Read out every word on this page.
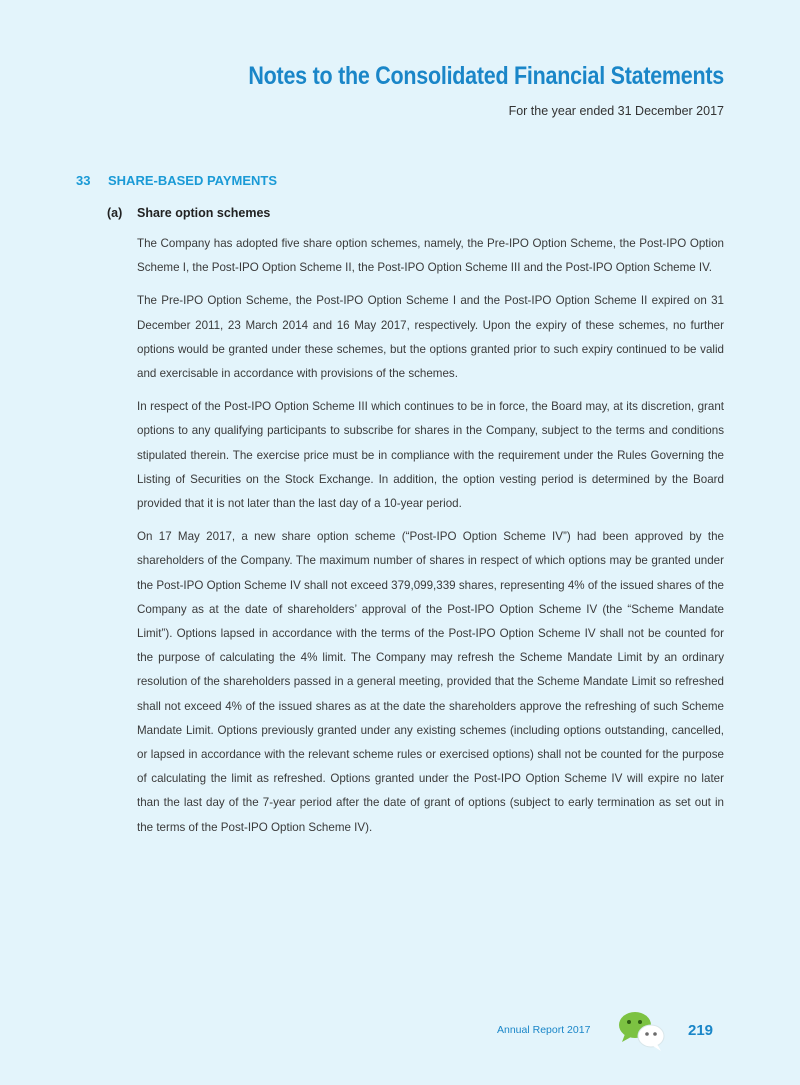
Notes to the Consolidated Financial Statements
For the year ended 31 December 2017
33 SHARE-BASED PAYMENTS
(a) Share option schemes

The Company has adopted five share option schemes, namely, the Pre-IPO Option Scheme, the Post-IPO Option Scheme I, the Post-IPO Option Scheme II, the Post-IPO Option Scheme III and the Post-IPO Option Scheme IV.

The Pre-IPO Option Scheme, the Post-IPO Option Scheme I and the Post-IPO Option Scheme II expired on 31 December 2011, 23 March 2014 and 16 May 2017, respectively. Upon the expiry of these schemes, no further options would be granted under these schemes, but the options granted prior to such expiry continued to be valid and exercisable in accordance with provisions of the schemes.

In respect of the Post-IPO Option Scheme III which continues to be in force, the Board may, at its discretion, grant options to any qualifying participants to subscribe for shares in the Company, subject to the terms and conditions stipulated therein. The exercise price must be in compliance with the requirement under the Rules Governing the Listing of Securities on the Stock Exchange. In addition, the option vesting period is determined by the Board provided that it is not later than the last day of a 10-year period.

On 17 May 2017, a new share option scheme (“Post-IPO Option Scheme IV”) had been approved by the shareholders of the Company. The maximum number of shares in respect of which options may be granted under the Post-IPO Option Scheme IV shall not exceed 379,099,339 shares, representing 4% of the issued shares of the Company as at the date of shareholders’ approval of the Post-IPO Option Scheme IV (the “Scheme Mandate Limit”). Options lapsed in accordance with the terms of the Post-IPO Option Scheme IV shall not be counted for the purpose of calculating the 4% limit. The Company may refresh the Scheme Mandate Limit by an ordinary resolution of the shareholders passed in a general meeting, provided that the Scheme Mandate Limit so refreshed shall not exceed 4% of the issued shares as at the date the shareholders approve the refreshing of such Scheme Mandate Limit. Options previously granted under any existing schemes (including options outstanding, cancelled, or lapsed in accordance with the relevant scheme rules or exercised options) shall not be counted for the purpose of calculating the limit as refreshed. Options granted under the Post-IPO Option Scheme IV will expire no later than the last day of the 7-year period after the date of grant of options (subject to early termination as set out in the terms of the Post-IPO Option Scheme IV).

Annual Report 2017	219
